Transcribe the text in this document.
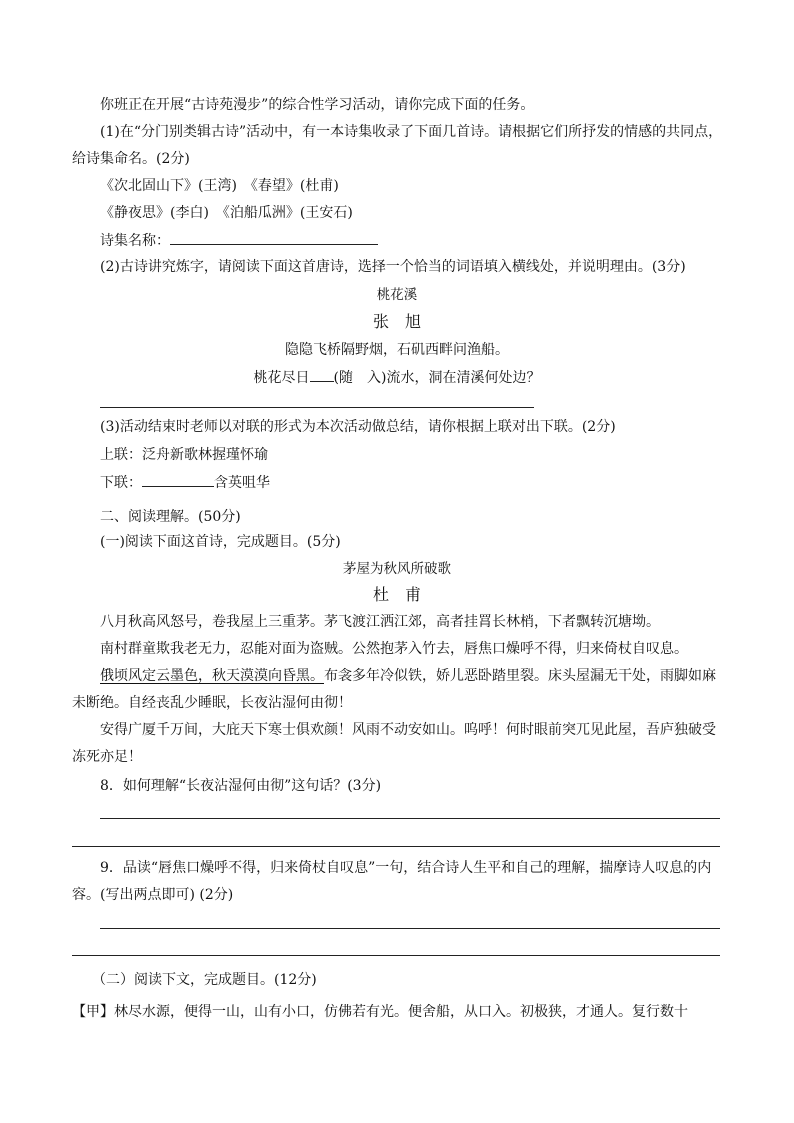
你班正在开展“古诗苑漫步”的综合性学习活动，请你完成下面的任务。
(1)在“分门别类辑古诗”活动中，有一本诗集收录了下面几首诗。请根据它们所抒发的情感的共同点，
给诗集命名。(2分)
《次北固山下》(王湾)　《春望》(杜甫)
《静夜思》(李白)　《泊船瓜洲》(王安石)
诗集名称：
(2)古诗讲究炼字，请阅读下面这首唐诗，选择一个恰当的词语填入横线处，并说明理由。(3分)
桃花溪
张　旭
隐隐飞桥隔野烟，石矶西畔问渔船。
桃花尽日 (随　入)流水，洞在清溪何处边？
(3)活动结束时老师以对联的形式为本次活动做总结，请你根据上联对出下联。(2分)
上联：泛舟新歌林握瑾怀瑜
下联：	含英咀华
二、阅读理解。(50分)
(一)阅读下面这首诗，完成题目。(5分)
茅屋为秋风所破歌
杜　甫
八月秋高风怒号，卷我屋上三重茅。茅飞渡江洒江郊，高者挂罥长林梢，下者飘转沉塘坳。
南村群童欺我老无力，忍能对面为盗贼。公然抱茅入竹去，唇焦口燥呼不得，归来倚杖自叹息。
俄顷风定云墨色，秋天漠漠向昏黑。布衾多年冷似铁，娇儿恶卧踏里裂。床头屋漏无干处，雨脚如麻
未断绝。自经丧乱少睡眠，长夜沾湿何由彻！
安得广厦千万间，大庇天下寒士俱欢颜！风雨不动安如山。呜呼！何时眼前突兀见此屋，吾庐独破受
冻死亦足！
8．如何理解“长夜沾湿何由彻”这句话？(3分)
9．品读“唇焦口燥呼不得，归来倚杖自叹息”一句，结合诗人生平和自己的理解，揣摩诗人叹息的内
容。(写出两点即可) (2分)
（二）阅读下文，完成题目。(12分)
【甲】林尽水源，便得一山，山有小口，仿佛若有光。便舍船，从口入。初极狭，才通人。复行数十
